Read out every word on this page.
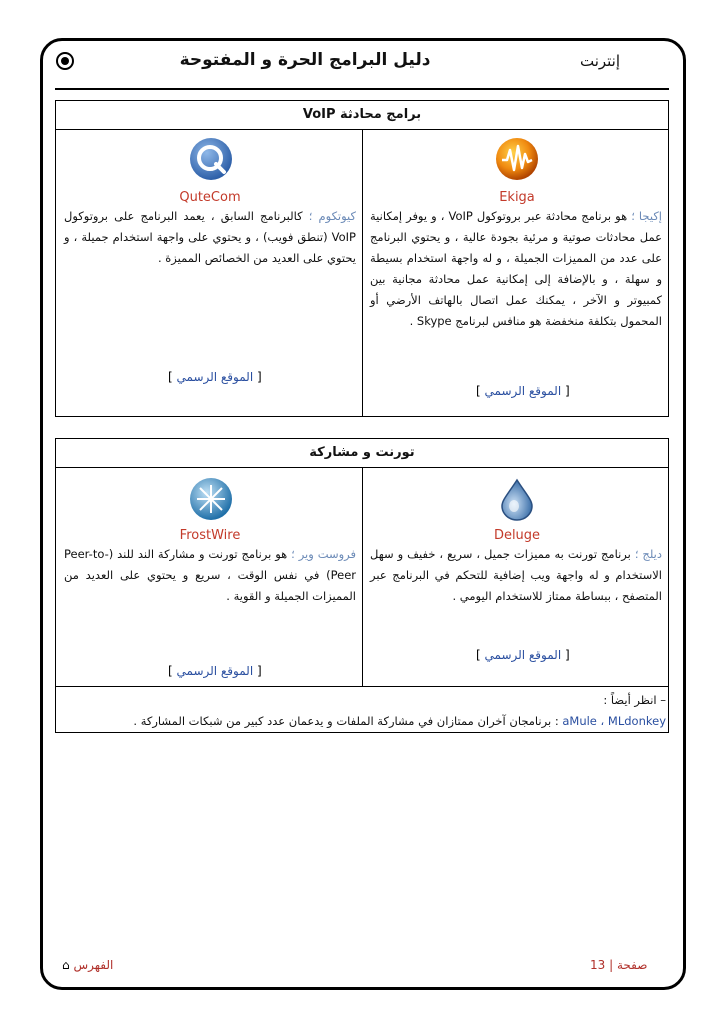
دليل البرامج الحرة و المفتوحة	إنترنت
برامج محادثة VoIP
Ekiga
إكيجا ؛ هو برنامج محادثة عبر بروتوكول VoIP ، و يوفر إمكانية عمل محادثات صوتية و مرئية بجودة عالية ، و يحتوي البرنامج على عدد من المميزات الجميلة ، و له واجهة استخدام بسيطة و سهلة ، و بالإضافة إلى إمكانية عمل محادثة مجانية بين كمبيوتر و الآخر ، يمكنك عمل اتصال بالهاتف الأرضي أو المحمول بتكلفة منخفضة هو منافس لبرنامج Skype .
[ الموقع الرسمي ]
QuteCom
كيوتكوم ؛ كالبرنامج السابق ، يعمد البرنامج على بروتوكول VoIP (تنطق فويب) ، و يحتوي على واجهة استخدام جميلة ، و يحتوي على العديد من الخصائص المميزة .
[ الموقع الرسمي ]
تورنت و مشاركة
Deluge
ديلج ؛ برنامج تورنت به مميزات جميل ، سريع ، خفيف و سهل الاستخدام و له واجهة ويب إضافية للتحكم في البرنامج عبر المتصفح ، ببساطة ممتاز للاستخدام اليومي .
[ الموقع الرسمي ]
FrostWire
فروست وير ؛ هو برنامج تورنت و مشاركة الند للند (Peer-to-Peer) في نفس الوقت ، سريع و يحتوي على العديد من المميزات الجميلة و القوية .
[ الموقع الرسمي ]
– انظر أيضاً :
aMule ، MLdonkey : برنامجان آخران ممتازان في مشاركة الملفات و يدعمان عدد كبير من شبكات المشاركة .
الفهرس ⌂	صفحة | 13
